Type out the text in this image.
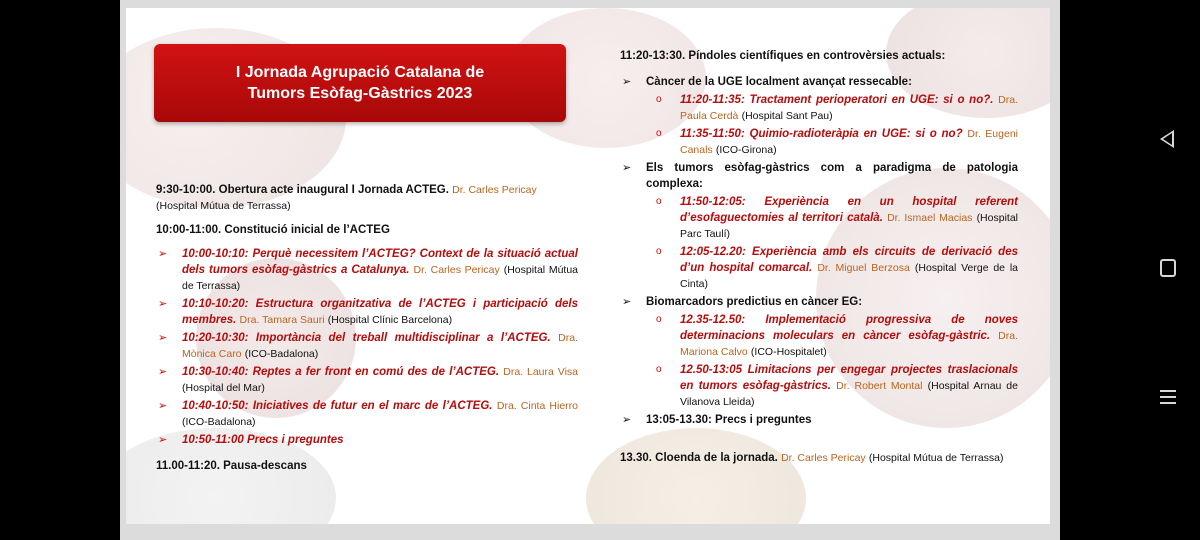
I Jornada Agrupació Catalana de
Tumors Esòfag-Gàstrics 2023

9:30-10:00. Obertura acte inaugural I Jornada ACTEG. Dr. Carles Pericay
(Hospital Mútua de Terrassa)

10:00-11:00. Constitució inicial de l’ACTEG

➢ 10:00-10:10: Perquè necessitem l’ACTEG? Context de la situació actual dels tumors esòfag-gàstrics a Catalunya. Dr. Carles Pericay (Hospital Mútua de Terrassa)
➢ 10:10-10:20: Estructura organitzativa de l’ACTEG i participació dels membres. Dra. Tamara Sauri (Hospital Clínic Barcelona)
➢ 10:20-10:30: Importància del treball multidisciplinar a l’ACTEG. Dra. Mònica Caro (ICO-Badalona)
➢ 10:30-10:40: Reptes a fer front en comú des de l’ACTEG. Dra. Laura Visa (Hospital del Mar)
➢ 10:40-10:50: Iniciatives de futur en el marc de l’ACTEG. Dra. Cinta Hierro (ICO-Badalona)
➢ 10:50-11:00 Precs i preguntes

11.00-11:20. Pausa-descans

11:20-13:30. Píndoles científiques en controvèrsies actuals:

➢ Càncer de la UGE localment avançat ressecable:
o 11:20-11:35: Tractament perioperatori en UGE: si o no?. Dra. Paula Cerdà (Hospital Sant Pau)
o 11:35-11:50: Quimio-radioteràpia en UGE: si o no? Dr. Eugeni Canals (ICO-Girona)
➢ Els tumors esòfag-gàstrics com a paradigma de patologia complexa:
o 11:50-12:05: Experiència en un hospital referent d’esofaguectomies al territori català. Dr. Ismael Macias (Hospital Parc Taulí)
o 12:05-12.20: Experiència amb els circuits de derivació des d’un hospital comarcal. Dr. Miguel Berzosa (Hospital Verge de la Cinta)
➢ Biomarcadors predictius en càncer EG:
o 12.35-12.50: Implementació progressiva de noves determinacions moleculars en càncer esòfag-gàstric. Dra. Mariona Calvo (ICO-Hospitalet)
o 12.50-13:05 Limitacions per engegar projectes traslacionals en tumors esòfag-gàstrics. Dr. Robert Montal (Hospital Arnau de Vilanova Lleida)
➢ 13:05-13.30: Precs i preguntes

13.30. Cloenda de la jornada. Dr. Carles Pericay (Hospital Mútua de Terrassa)
